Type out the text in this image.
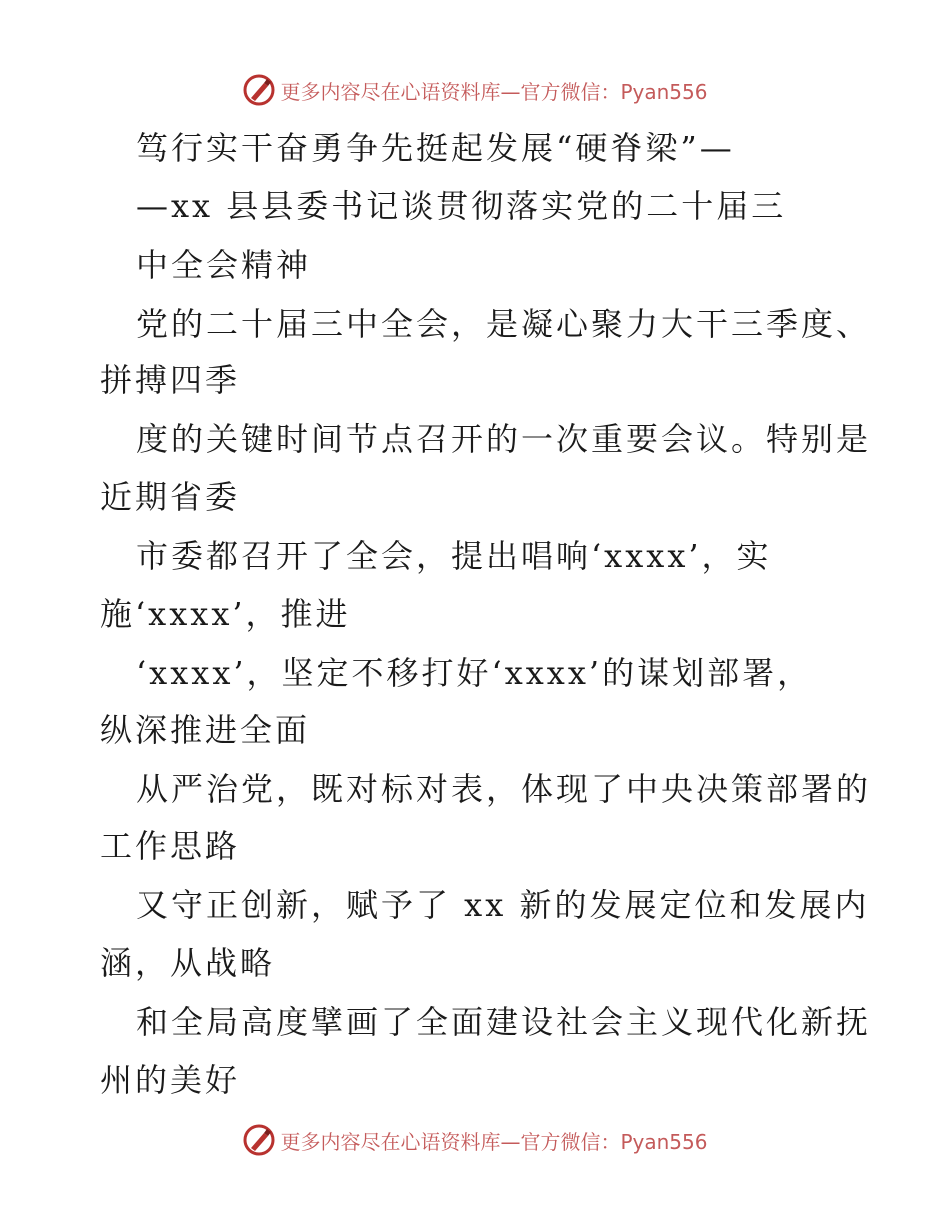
更多内容尽在心语资料库—官方微信：Pyan556
笃行实干奋勇争先挺起发展“硬脊梁”—
—xx 县县委书记谈贯彻落实党的二十届三
中全会精神
党的二十届三中全会，是凝心聚力大干三季度、
拼搏四季
度的关键时间节点召开的一次重要会议。特别是
近期省委
市委都召开了全会，提出唱响‘xxxx’，实
施‘xxxx’，推进
‘xxxx’，坚定不移打好‘xxxx’的谋划部署，
纵深推进全面
从严治党，既对标对表，体现了中央决策部署的
工作思路
又守正创新，赋予了 xx 新的发展定位和发展内
涵，从战略
和全局高度擘画了全面建设社会主义现代化新抚
州的美好
更多内容尽在心语资料库—官方微信：Pyan556
